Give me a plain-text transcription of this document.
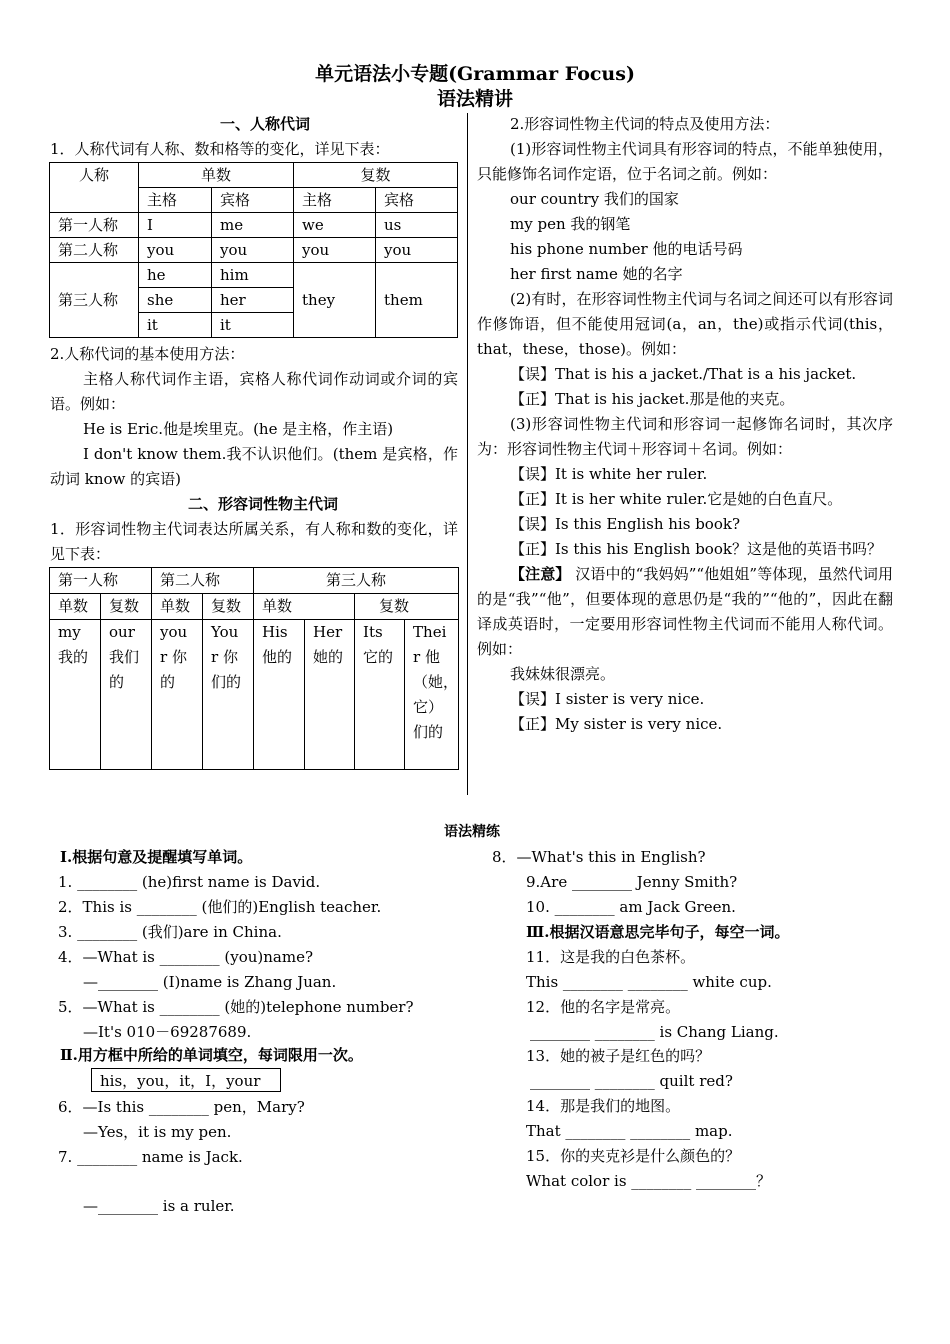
单元语法小专题(Grammar Focus)
语法精讲
一、人称代词
1．人称代词有人称、数和格等的变化，详见下表：
人称	单数		复数	
	主格	宾格	主格	宾格
第一人称	I	me	we	us
第二人称	you	you	you	you
第三人称	he	him	they	them
	she	her		
	it	it		
2.人称代词的基本使用方法：
主格人称代词作主语，宾格人称代词作动词或介词的宾语。例如：
He is Eric.他是埃里克。(he 是主格，作主语)
I don't know them.我不认识他们。(them 是宾格，作动词 know 的宾语)
二、形容词性物主代词
1．形容词性物主代词表达所属关系，有人称和数的变化，详见下表：
第一人称		第二人称		第三人称			
单数	复数	单数	复数	单数		复数	
my 我的	our 我们的	your 你的	Your 你们的	His 他的	Her 她的	Its 它的	Their 他（她，它）们的
2.形容词性物主代词的特点及使用方法：
(1)形容词性物主代词具有形容词的特点，不能单独使用，只能修饰名词作定语，位于名词之前。例如：
our country 我们的国家
my pen 我的钢笔
his phone number 他的电话号码
her first name 她的名字
(2)有时，在形容词性物主代词与名词之间还可以有形容词作修饰语，但不能使用冠词(a，an，the)或指示代词(this，that，these，those)。例如：
【误】That is his a jacket./That is a his jacket.
【正】That is his jacket.那是他的夹克。
(3)形容词性物主代词和形容词一起修饰名词时，其次序为：形容词性物主代词＋形容词＋名词。例如：
【误】It is white her ruler.
【正】It is her white ruler.它是她的白色直尺。
【误】Is this English his book?
【正】Is this his English book？这是他的英语书吗？
【注意】 汉语中的“我妈妈”“他姐姐”等体现，虽然代词用的是“我”“他”，但要体现的意思仍是“我的”“他的”，因此在翻译成英语时，一定要用形容词性物主代词而不能用人称代词。例如：
我妹妹很漂亮。
【误】I sister is very nice.
【正】My sister is very nice.
语法精练
Ⅰ.根据句意及提醒填写单词。
1. ________ (he)first name is David.
2．This is ________ (他们的)English teacher.
3. ________ (我们)are in China.
4．—What is ________ (you)name?
—________ (I)name is Zhang Juan.
5．—What is ________ (她的)telephone number?
—It's 010－69287689.
Ⅱ.用方框中所给的单词填空，每词限用一次。
his，you，it，I，your
6．—Is this ________ pen，Mary?
—Yes，it is my pen.
7. ________ name is Jack.
—________ is a ruler.
8．—What's this in English?
9.Are ________ Jenny Smith?
10. ________ am Jack Green.
Ⅲ.根据汉语意思完毕句子，每空一词。
11．这是我的白色茶杯。
This ________ ________ white cup.
12．他的名字是常亮。
________ ________ is Chang Liang.
13．她的被子是红色的吗？
________ ________ quilt red?
14．那是我们的地图。
That ________ ________ map.
15．你的夹克衫是什么颜色的？
What color is ________ ________？
